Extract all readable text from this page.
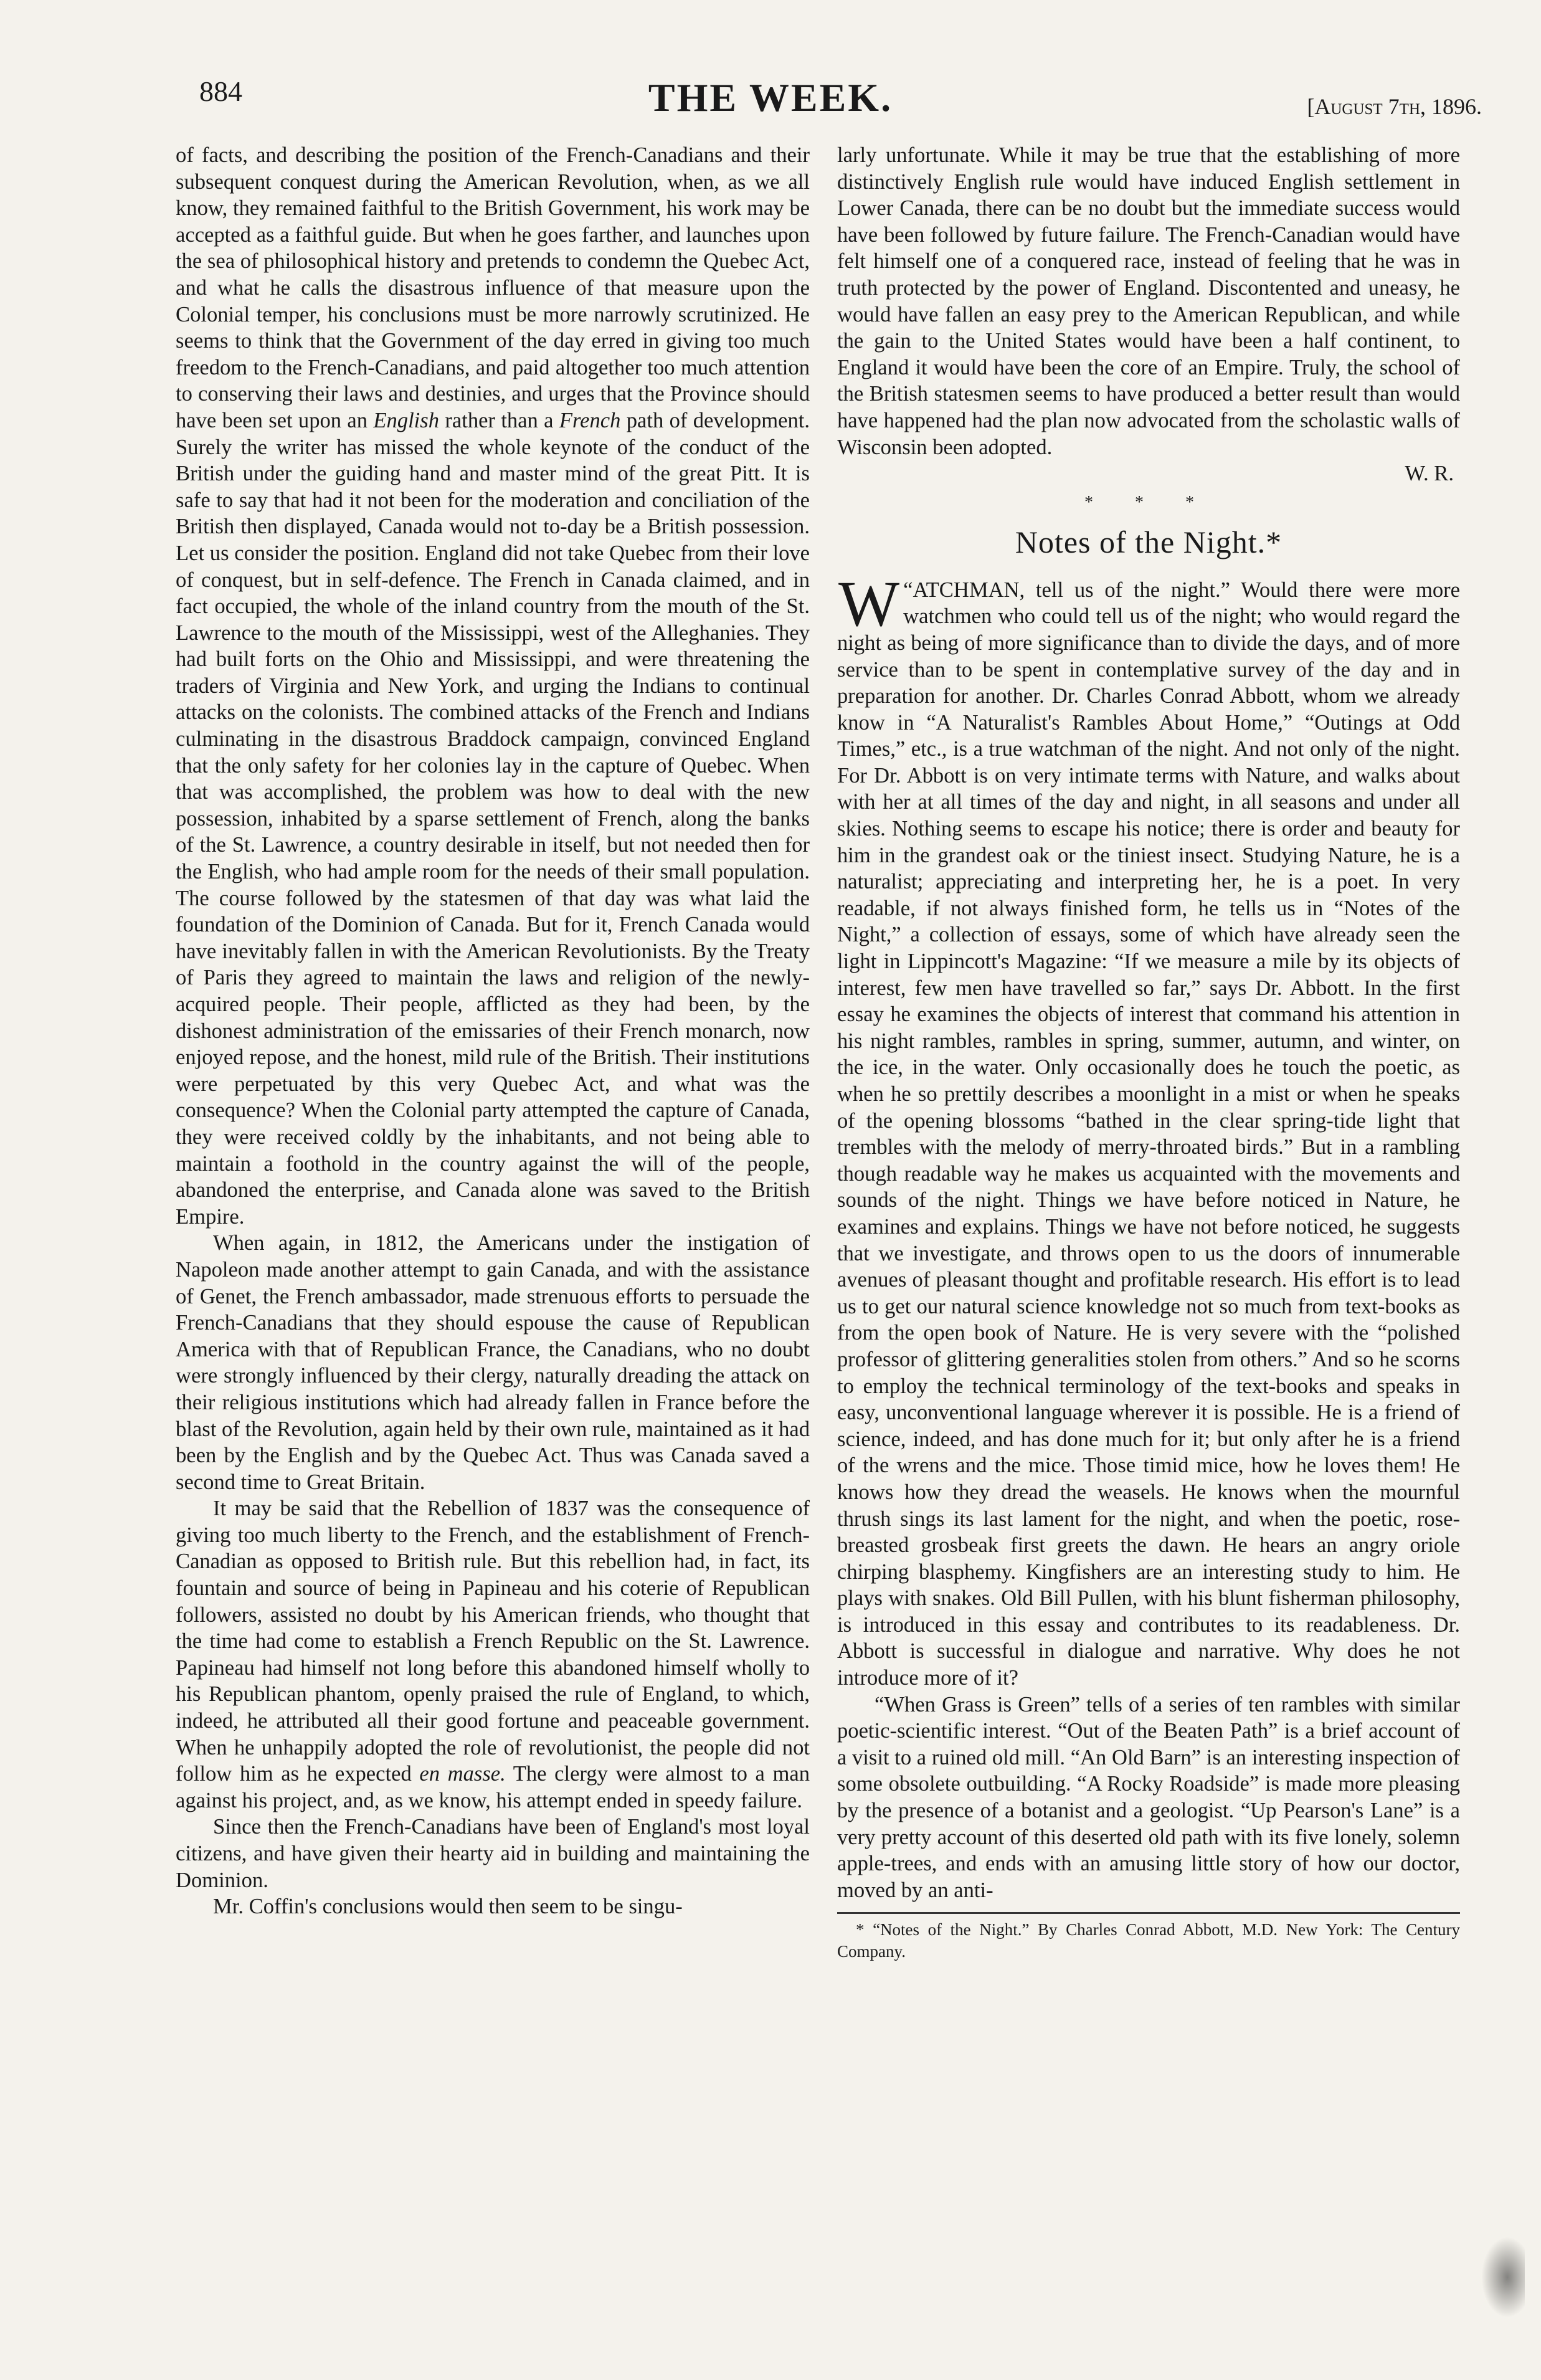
884	THE WEEK.	[August 7th, 1896.

of facts, and describing the position of the French-Canadians and their subsequent conquest during the American Revolution, when, as we all know, they remained faithful to the British Government, his work may be accepted as a faithful guide. But when he goes farther, and launches upon the sea of philosophical history and pretends to condemn the Quebec Act, and what he calls the disastrous influence of that measure upon the Colonial temper, his conclusions must be more narrowly scrutinized. He seems to think that the Government of the day erred in giving too much freedom to the French-Canadians, and paid altogether too much attention to conserving their laws and destinies, and urges that the Province should have been set upon an English rather than a French path of development. Surely the writer has missed the whole keynote of the conduct of the British under the guiding hand and master mind of the great Pitt. It is safe to say that had it not been for the moderation and conciliation of the British then displayed, Canada would not to-day be a British possession. Let us consider the position. England did not take Quebec from their love of conquest, but in self-defence. The French in Canada claimed, and in fact occupied, the whole of the inland country from the mouth of the St. Lawrence to the mouth of the Mississippi, west of the Alleghanies. They had built forts on the Ohio and Mississippi, and were threatening the traders of Virginia and New York, and urging the Indians to continual attacks on the colonists. The combined attacks of the French and Indians culminating in the disastrous Braddock campaign, convinced England that the only safety for her colonies lay in the capture of Quebec. When that was accomplished, the problem was how to deal with the new possession, inhabited by a sparse settlement of French, along the banks of the St. Lawrence, a country desirable in itself, but not needed then for the English, who had ample room for the needs of their small population. The course followed by the statesmen of that day was what laid the foundation of the Dominion of Canada. But for it, French Canada would have inevitably fallen in with the American Revolutionists. By the Treaty of Paris they agreed to maintain the laws and religion of the newly-acquired people. Their people, afflicted as they had been, by the dishonest administration of the emissaries of their French monarch, now enjoyed repose, and the honest, mild rule of the British. Their institutions were perpetuated by this very Quebec Act, and what was the consequence? When the Colonial party attempted the capture of Canada, they were received coldly by the inhabitants, and not being able to maintain a foothold in the country against the will of the people, abandoned the enterprise, and Canada alone was saved to the British Empire.

When again, in 1812, the Americans under the instigation of Napoleon made another attempt to gain Canada, and with the assistance of Genet, the French ambassador, made strenuous efforts to persuade the French-Canadians that they should espouse the cause of Republican America with that of Republican France, the Canadians, who no doubt were strongly influenced by their clergy, naturally dreading the attack on their religious institutions which had already fallen in France before the blast of the Revolution, again held by their own rule, maintained as it had been by the English and by the Quebec Act. Thus was Canada saved a second time to Great Britain.

It may be said that the Rebellion of 1837 was the consequence of giving too much liberty to the French, and the establishment of French-Canadian as opposed to British rule. But this rebellion had, in fact, its fountain and source of being in Papineau and his coterie of Republican followers, assisted no doubt by his American friends, who thought that the time had come to establish a French Republic on the St. Lawrence. Papineau had himself not long before this abandoned himself wholly to his Republican phantom, openly praised the rule of England, to which, indeed, he attributed all their good fortune and peaceable government. When he unhappily adopted the role of revolutionist, the people did not follow him as he expected en masse. The clergy were almost to a man against his project, and, as we know, his attempt ended in speedy failure.

Since then the French-Canadians have been of England's most loyal citizens, and have given their hearty aid in building and maintaining the Dominion.

Mr. Coffin's conclusions would then seem to be singu-

larly unfortunate. While it may be true that the establishing of more distinctively English rule would have induced English settlement in Lower Canada, there can be no doubt but the immediate success would have been followed by future failure. The French-Canadian would have felt himself one of a conquered race, instead of feeling that he was in truth protected by the power of England. Discontented and uneasy, he would have fallen an easy prey to the American Republican, and while the gain to the United States would have been a half continent, to England it would have been the core of an Empire. Truly, the school of the British statesmen seems to have produced a better result than would have happened had the plan now advocated from the scholastic walls of Wisconsin been adopted.

W. R.

* * *
Notes of the Night.*

“
W ATCHMAN, tell us of the night.” Would there were more watchmen who could tell us of the night; who would regard the night as being of more significance than to divide the days, and of more service than to be spent in contemplative survey of the day and in preparation for another. Dr. Charles Conrad Abbott, whom we already know in “A Naturalist's Rambles About Home,” “Outings at Odd Times,” etc., is a true watchman of the night. And not only of the night. For Dr. Abbott is on very intimate terms with Nature, and walks about with her at all times of the day and night, in all seasons and under all skies. Nothing seems to escape his notice; there is order and beauty for him in the grandest oak or the tiniest insect. Studying Nature, he is a naturalist; appreciating and interpreting her, he is a poet. In very readable, if not always finished form, he tells us in “Notes of the Night,” a collection of essays, some of which have already seen the light in Lippincott's Magazine: “If we measure a mile by its objects of interest, few men have travelled so far,” says Dr. Abbott. In the first essay he examines the objects of interest that command his attention in his night rambles, rambles in spring, summer, autumn, and winter, on the ice, in the water. Only occasionally does he touch the poetic, as when he so prettily describes a moonlight in a mist or when he speaks of the opening blossoms “bathed in the clear spring-tide light that trembles with the melody of merry-throated birds.” But in a rambling though readable way he makes us acquainted with the movements and sounds of the night. Things we have before noticed in Nature, he examines and explains. Things we have not before noticed, he suggests that we investigate, and throws open to us the doors of innumerable avenues of pleasant thought and profitable research. His effort is to lead us to get our natural science knowledge not so much from text-books as from the open book of Nature. He is very severe with the “polished professor of glittering generalities stolen from others.” And so he scorns to employ the technical terminology of the text-books and speaks in easy, unconventional language wherever it is possible. He is a friend of science, indeed, and has done much for it; but only after he is a friend of the wrens and the mice. Those timid mice, how he loves them! He knows how they dread the weasels. He knows when the mournful thrush sings its last lament for the night, and when the poetic, rose-breasted grosbeak first greets the dawn. He hears an angry oriole chirping blasphemy. Kingfishers are an interesting study to him. He plays with snakes. Old Bill Pullen, with his blunt fisherman philosophy, is introduced in this essay and contributes to its readableness. Dr. Abbott is successful in dialogue and narrative. Why does he not introduce more of it?

“When Grass is Green” tells of a series of ten rambles with similar poetic-scientific interest. “Out of the Beaten Path” is a brief account of a visit to a ruined old mill. “An Old Barn” is an interesting inspection of some obsolete outbuilding. “A Rocky Roadside” is made more pleasing by the presence of a botanist and a geologist. “Up Pearson's Lane” is a very pretty account of this deserted old path with its five lonely, solemn apple-trees, and ends with an amusing little story of how our doctor, moved by an anti-

* “Notes of the Night.” By Charles Conrad Abbott, M.D. New York: The Century Company.
